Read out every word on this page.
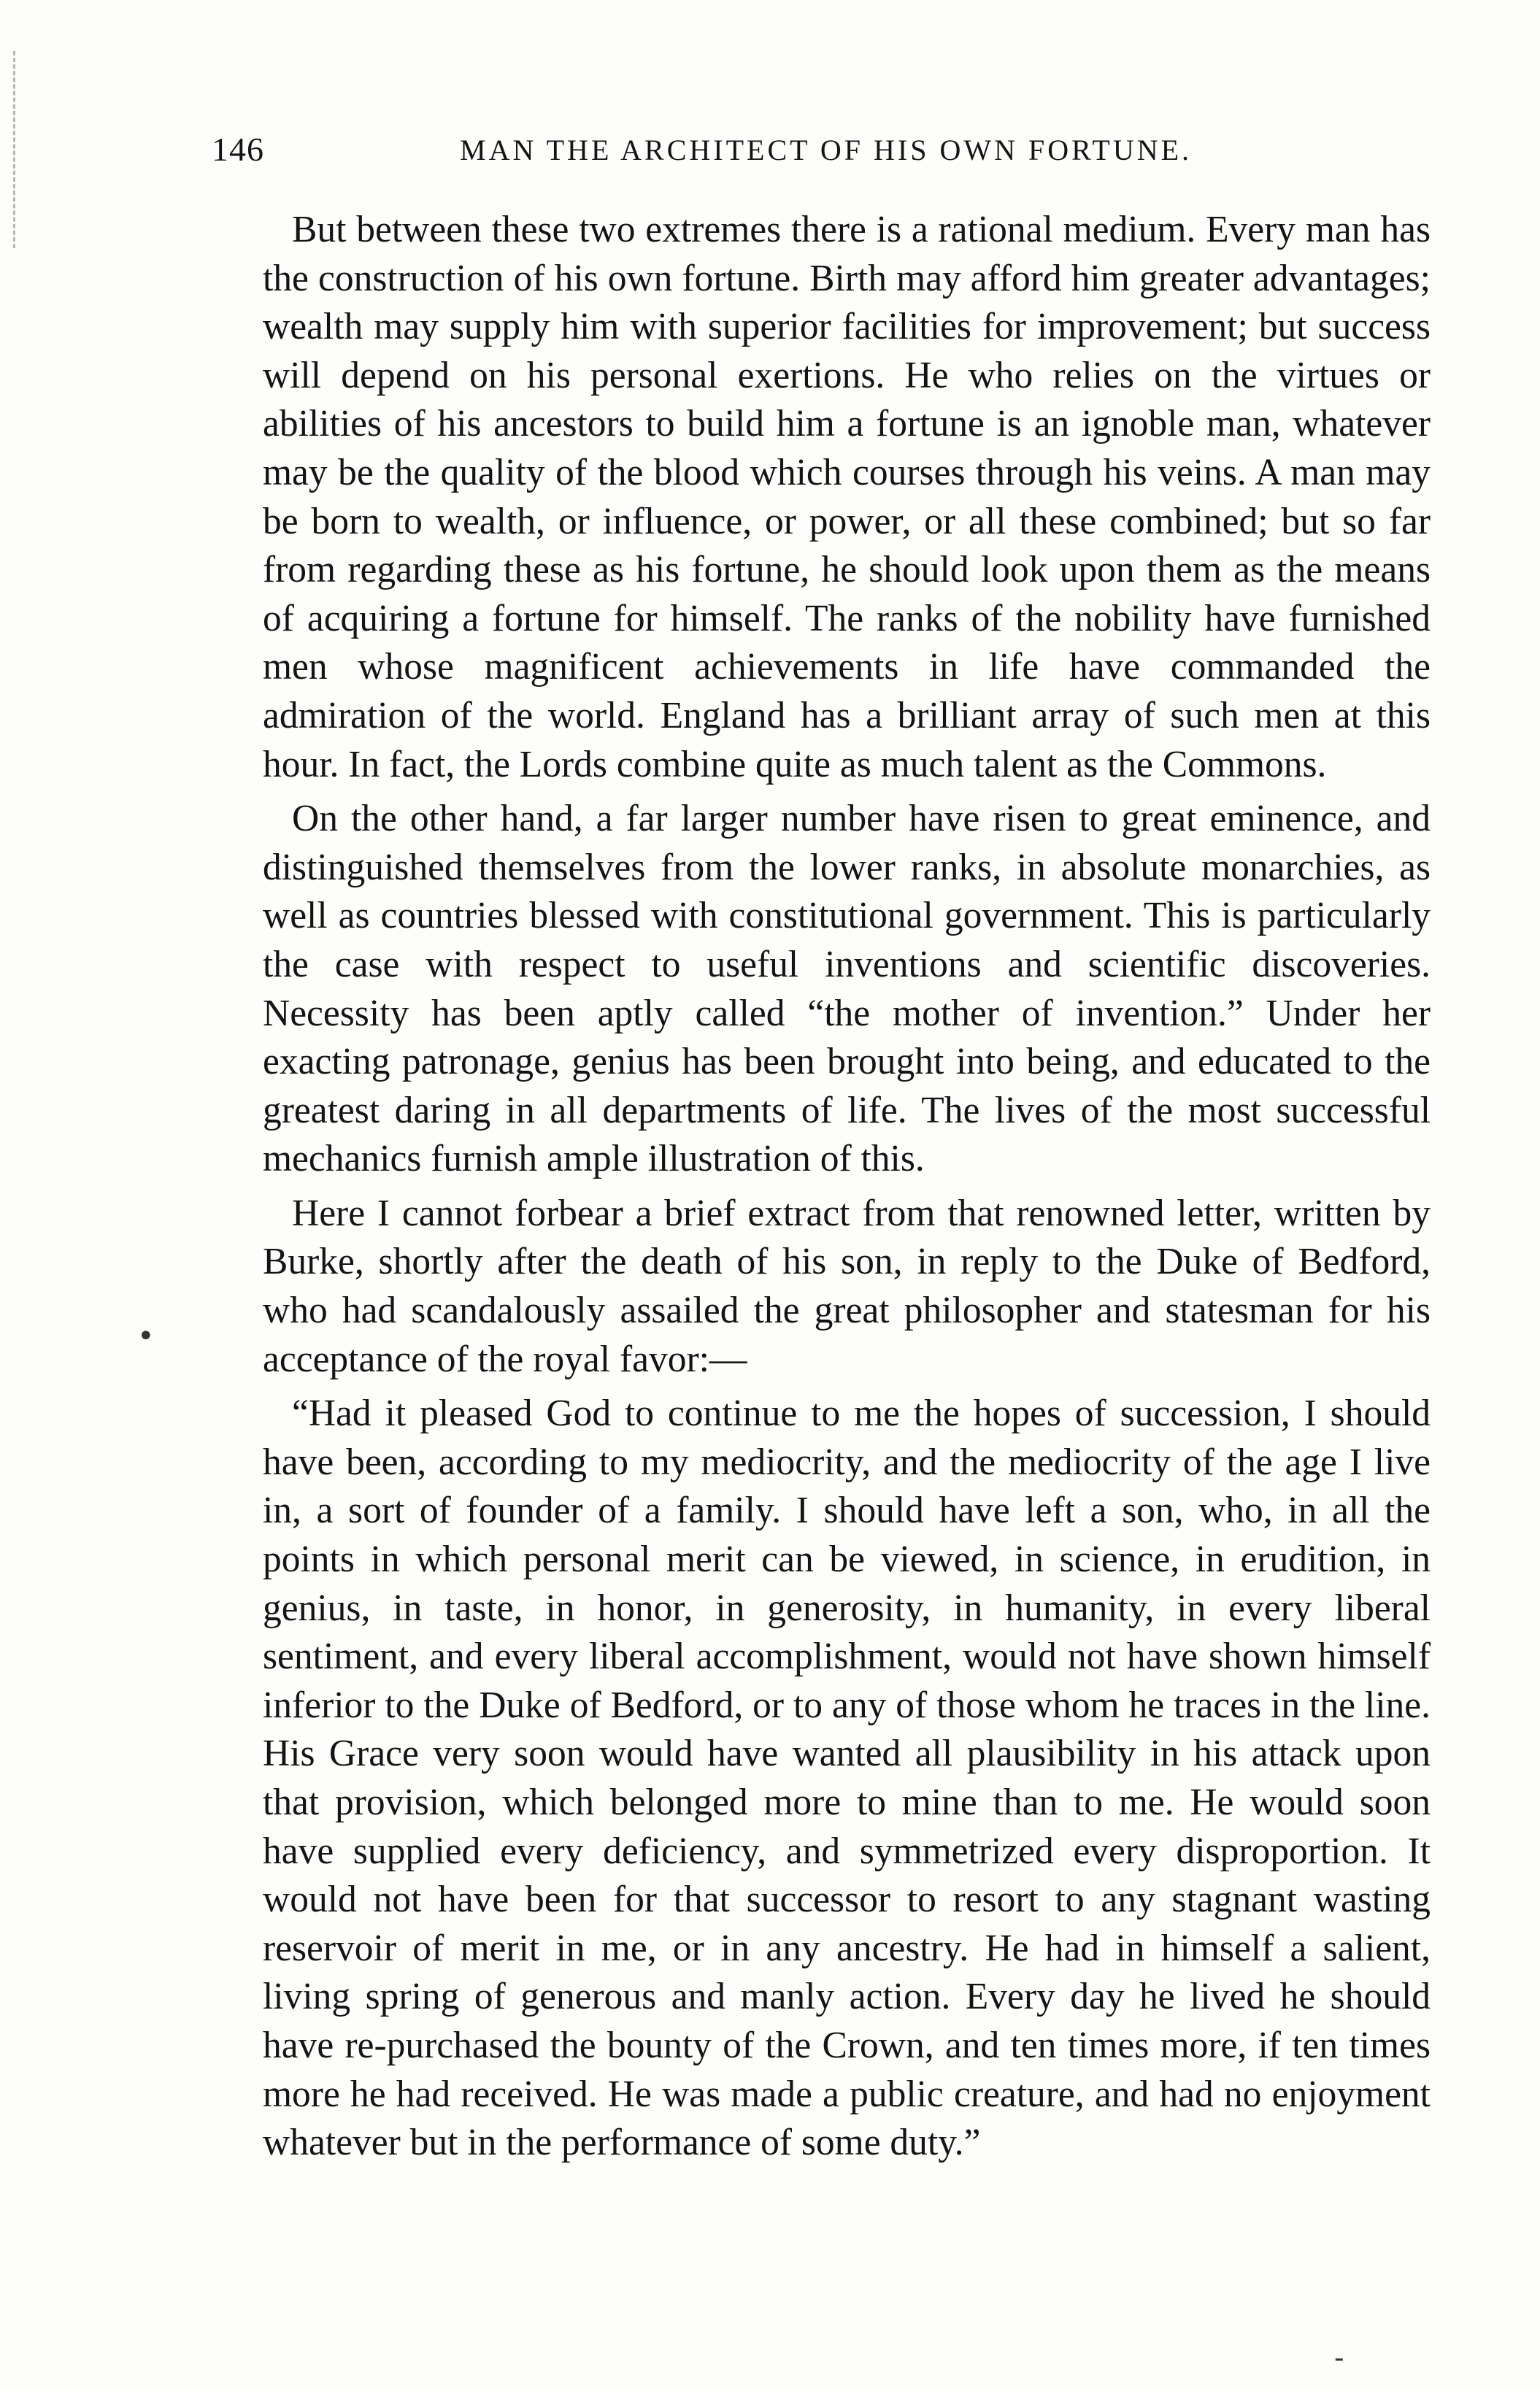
146	MAN THE ARCHITECT OF HIS OWN FORTUNE.

But between these two extremes there is a rational medium. Every man has the construction of his own fortune. Birth may afford him greater advantages; wealth may supply him with superior facilities for improvement; but success will depend on his personal exertions. He who relies on the virtues or abilities of his ancestors to build him a fortune is an ignoble man, whatever may be the quality of the blood which courses through his veins. A man may be born to wealth, or influence, or power, or all these combined; but so far from regarding these as his fortune, he should look upon them as the means of acquiring a fortune for himself. The ranks of the nobility have furnished men whose magnificent achievements in life have commanded the admiration of the world. England has a brilliant array of such men at this hour. In fact, the Lords combine quite as much talent as the Commons.

On the other hand, a far larger number have risen to great eminence, and distinguished themselves from the lower ranks, in absolute monarchies, as well as countries blessed with constitutional government. This is particularly the case with respect to useful inventions and scientific discoveries. Necessity has been aptly called “the mother of invention.” Under her exacting patronage, genius has been brought into being, and educated to the greatest daring in all departments of life. The lives of the most successful mechanics furnish ample illustration of this.

Here I cannot forbear a brief extract from that renowned letter, written by Burke, shortly after the death of his son, in reply to the Duke of Bedford, who had scandalously assailed the great philosopher and statesman for his acceptance of the royal favor:—

“Had it pleased God to continue to me the hopes of succession, I should have been, according to my mediocrity, and the mediocrity of the age I live in, a sort of founder of a family. I should have left a son, who, in all the points in which personal merit can be viewed, in science, in erudition, in genius, in taste, in honor, in generosity, in humanity, in every liberal sentiment, and every liberal accomplishment, would not have shown himself inferior to the Duke of Bedford, or to any of those whom he traces in the line. His Grace very soon would have wanted all plausibility in his attack upon that provision, which belonged more to mine than to me. He would soon have supplied every deficiency, and symmetrized every disproportion. It would not have been for that successor to resort to any stagnant wasting reservoir of merit in me, or in any ancestry. He had in himself a salient, living spring of generous and manly action. Every day he lived he should have re-purchased the bounty of the Crown, and ten times more, if ten times more he had received. He was made a public creature, and had no enjoyment whatever but in the performance of some duty.”

•
-
